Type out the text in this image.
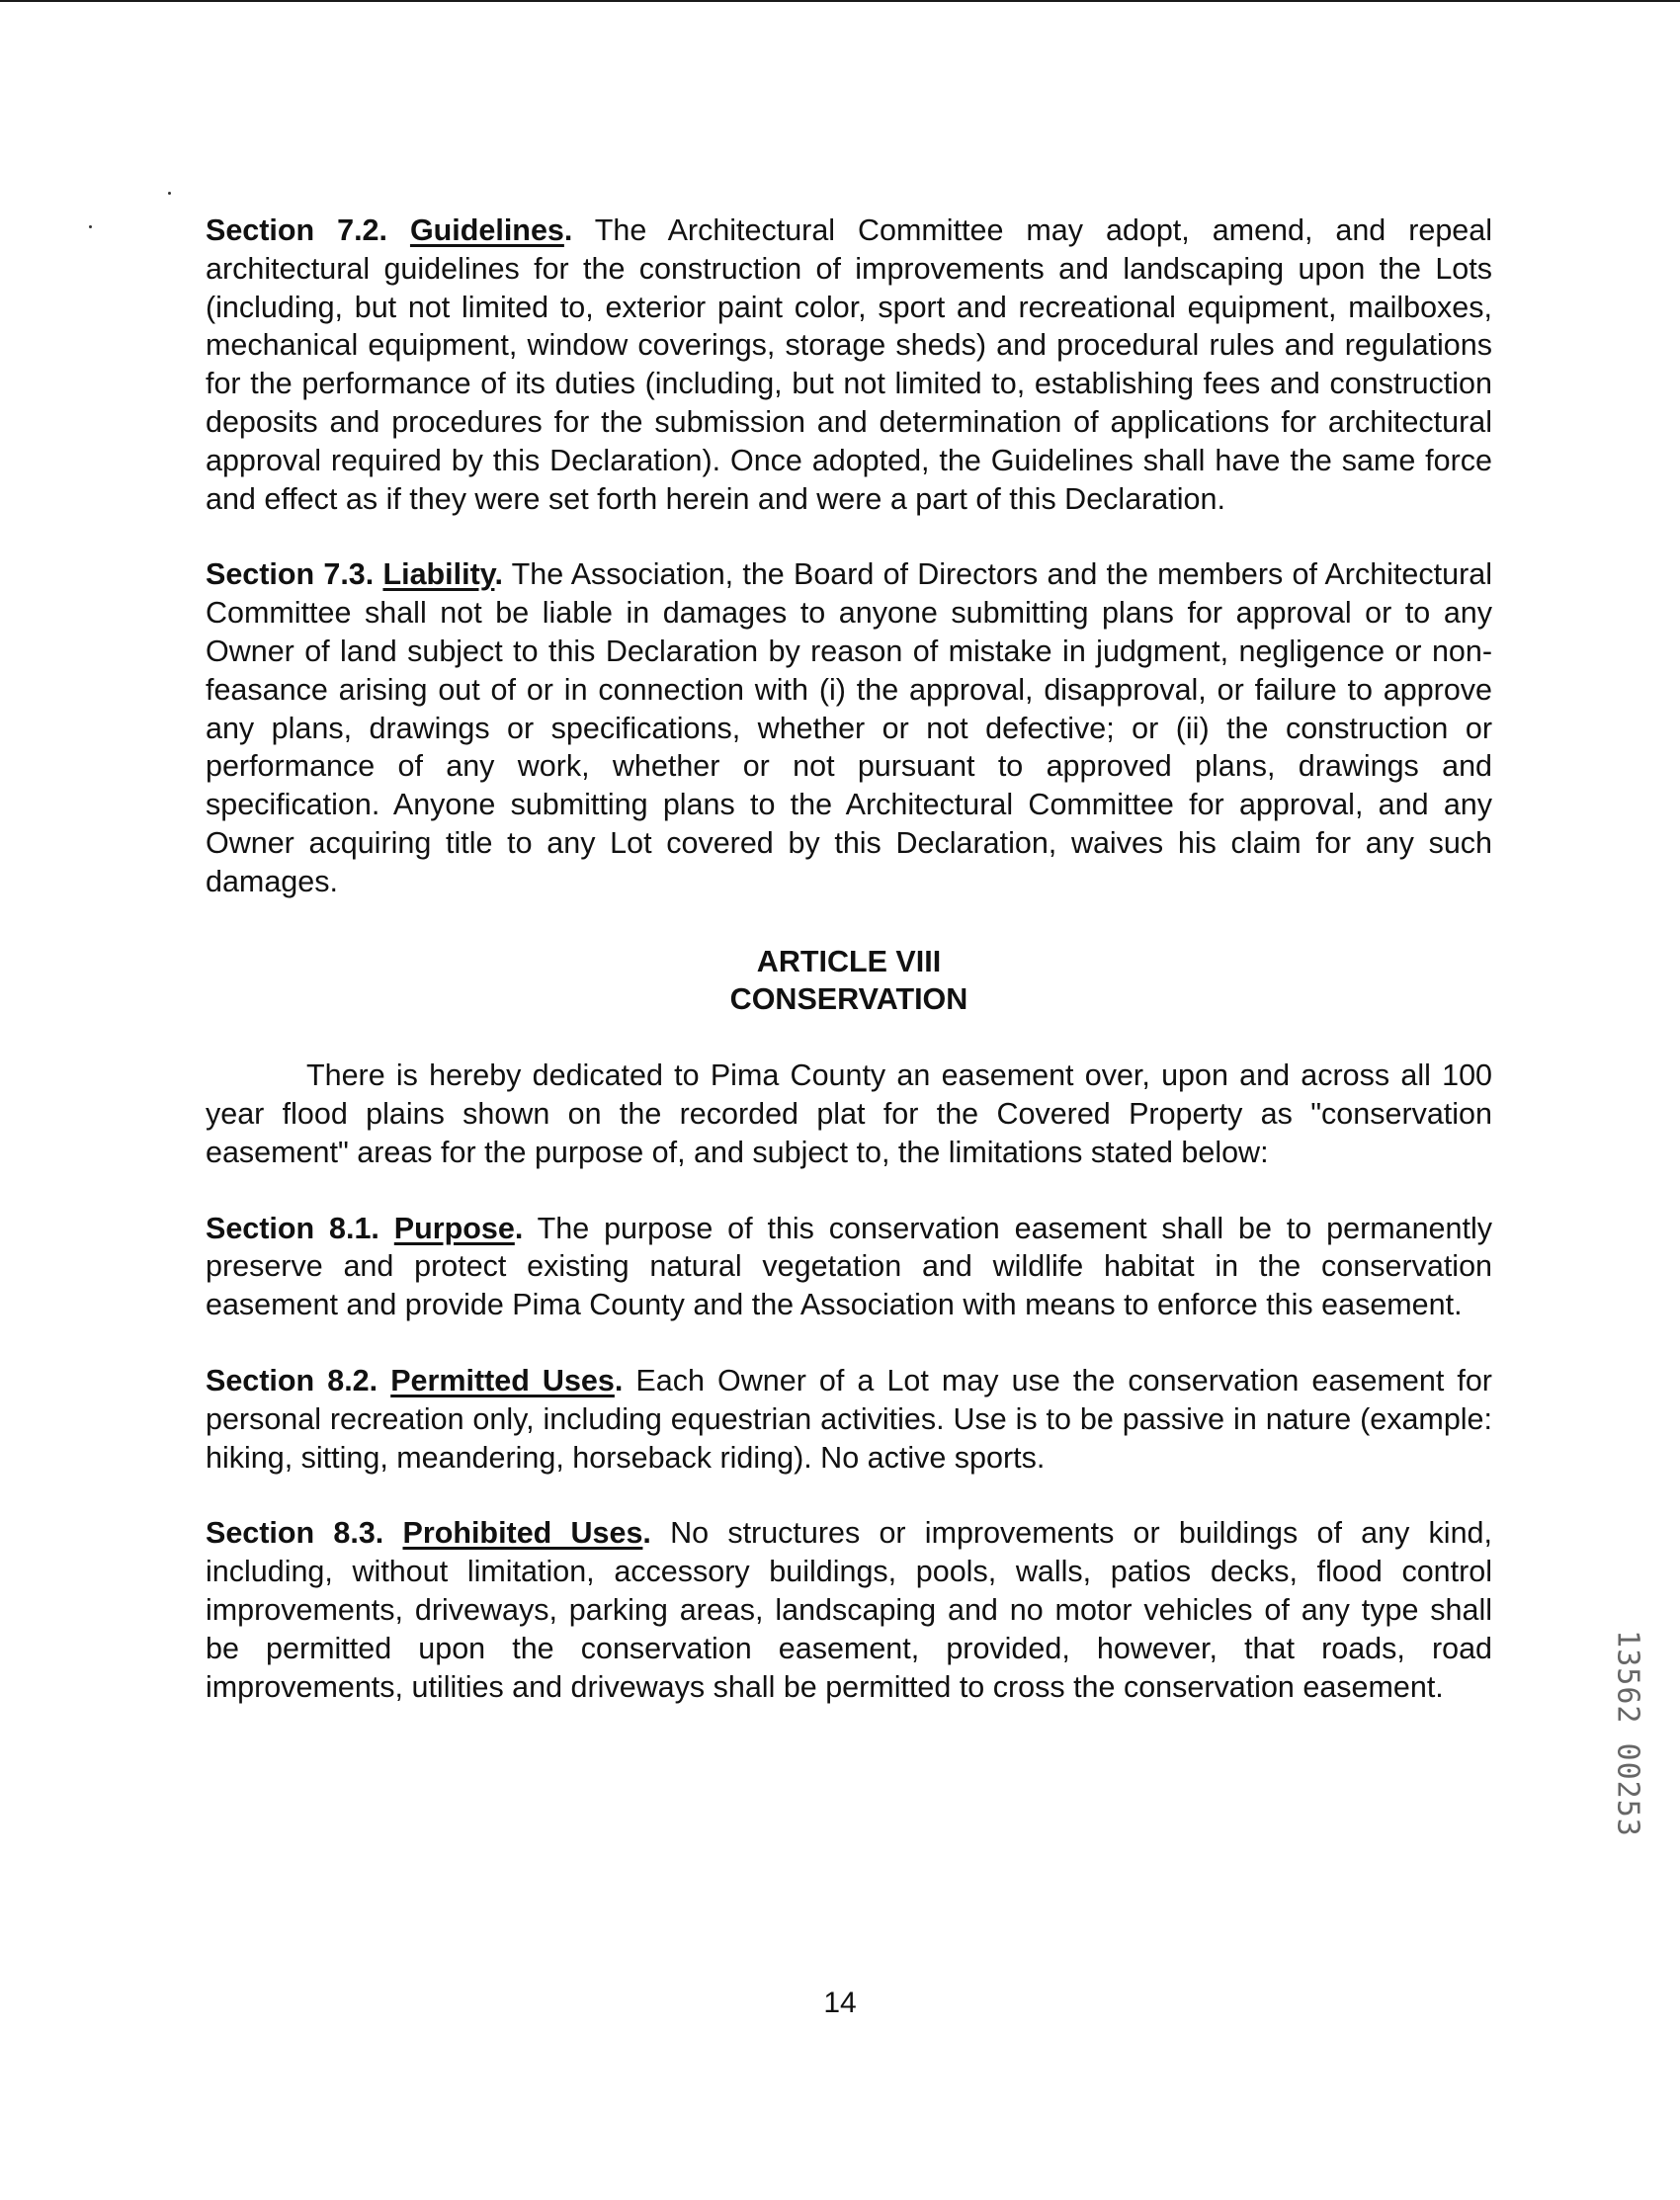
Section 7.2. Guidelines. The Architectural Committee may adopt, amend, and repeal architectural guidelines for the construction of improvements and landscaping upon the Lots (including, but not limited to, exterior paint color, sport and recreational equipment, mailboxes, mechanical equipment, window coverings, storage sheds) and procedural rules and regulations for the performance of its duties (including, but not limited to, establishing fees and construction deposits and procedures for the submission and determination of applications for architectural approval required by this Declaration). Once adopted, the Guidelines shall have the same force and effect as if they were set forth herein and were a part of this Declaration.

Section 7.3. Liability. The Association, the Board of Directors and the members of Architectural Committee shall not be liable in damages to anyone submitting plans for approval or to any Owner of land subject to this Declaration by reason of mistake in judgment, negligence or non-feasance arising out of or in connection with (i) the approval, disapproval, or failure to approve any plans, drawings or specifications, whether or not defective; or (ii) the construction or performance of any work, whether or not pursuant to approved plans, drawings and specification. Anyone submitting plans to the Architectural Committee for approval, and any Owner acquiring title to any Lot covered by this Declaration, waives his claim for any such damages.

ARTICLE VIII
CONSERVATION

There is hereby dedicated to Pima County an easement over, upon and across all 100 year flood plains shown on the recorded plat for the Covered Property as "conservation easement" areas for the purpose of, and subject to, the limitations stated below:

Section 8.1. Purpose. The purpose of this conservation easement shall be to permanently preserve and protect existing natural vegetation and wildlife habitat in the conservation easement and provide Pima County and the Association with means to enforce this easement.

Section 8.2. Permitted Uses. Each Owner of a Lot may use the conservation easement for personal recreation only, including equestrian activities. Use is to be passive in nature (example: hiking, sitting, meandering, horseback riding). No active sports.

Section 8.3. Prohibited Uses. No structures or improvements or buildings of any kind, including, without limitation, accessory buildings, pools, walls, patios decks, flood control improvements, driveways, parking areas, landscaping and no motor vehicles of any type shall be permitted upon the conservation easement, provided, however, that roads, road improvements, utilities and driveways shall be permitted to cross the conservation easement.

14
13562 00253
